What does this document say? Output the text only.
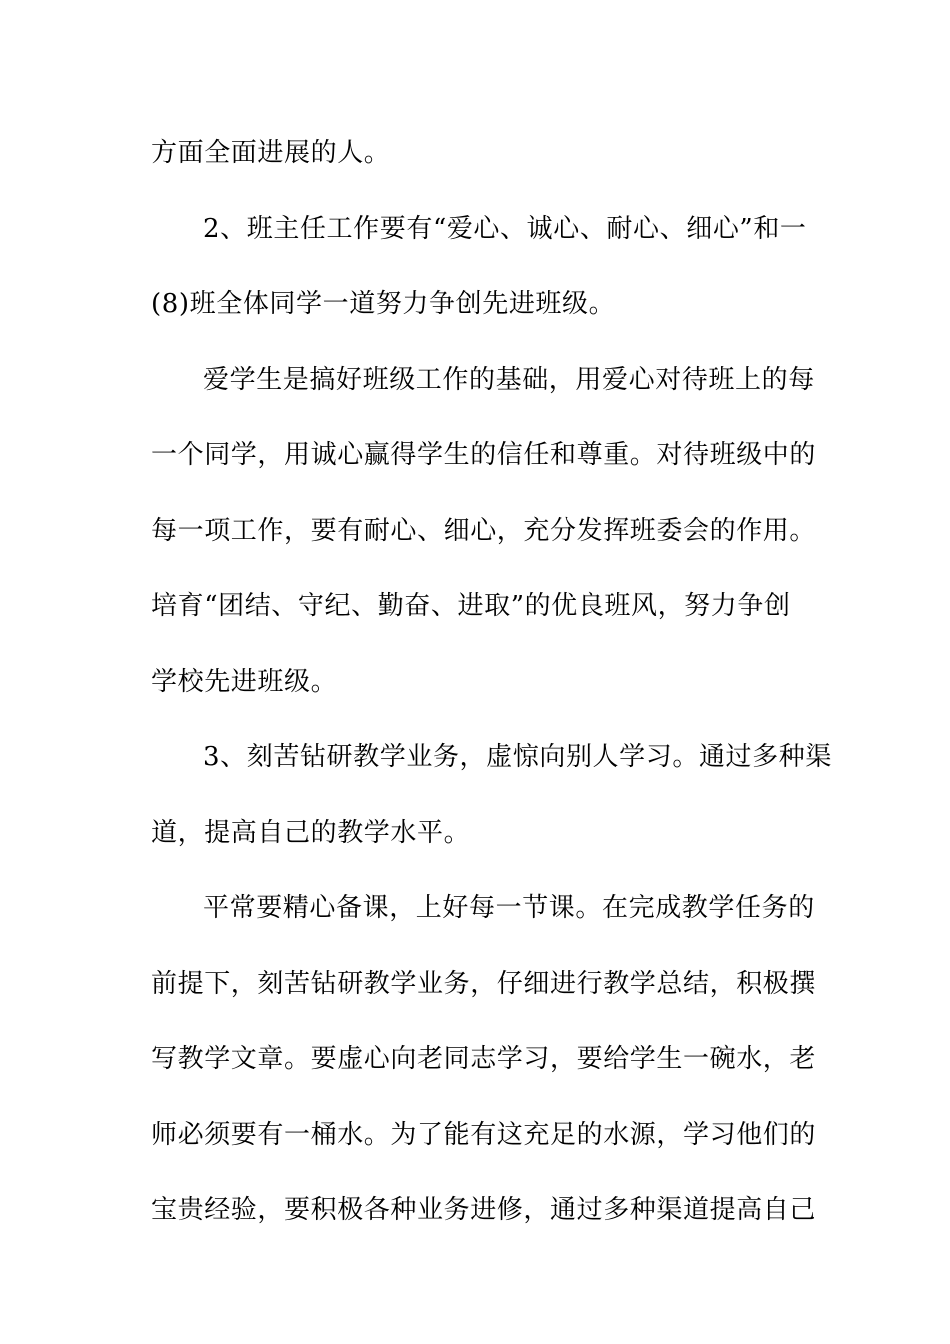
方面全面进展的人。
2、班主任工作要有“爱心、诚心、耐心、细心”和一
(8)班全体同学一道努力争创先进班级。
爱学生是搞好班级工作的基础，用爱心对待班上的每
一个同学，用诚心赢得学生的信任和尊重。对待班级中的
每一项工作，要有耐心、细心，充分发挥班委会的作用。
培育“团结、守纪、勤奋、进取”的优良班风，努力争创
学校先进班级。
3、刻苦钻研教学业务，虚惊向别人学习。通过多种渠
道，提高自己的教学水平。
平常要精心备课，上好每一节课。在完成教学任务的
前提下，刻苦钻研教学业务，仔细进行教学总结，积极撰
写教学文章。要虚心向老同志学习，要给学生一碗水，老
师必须要有一桶水。为了能有这充足的水源，学习他们的
宝贵经验，要积极各种业务进修，通过多种渠道提高自己
